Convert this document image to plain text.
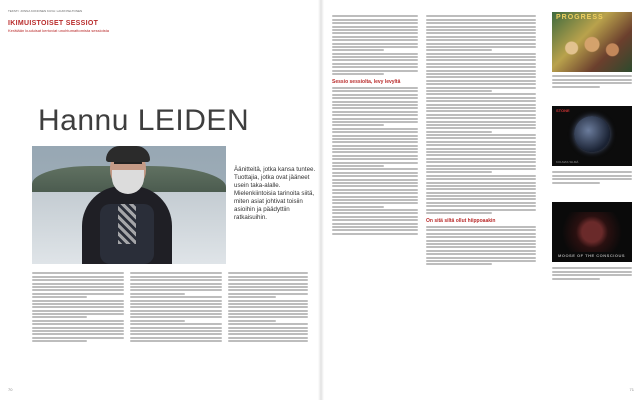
TEKSTI: JONNA KONONEN KUVA: LAURI PELTONEN
IKIMUISTOISET SESSIOT
Kerätään kuuluisat kertoviat unohtumattomista sessioista
Hannu LEIDEN
Äänitteitä, jotka kansa tuntee. Tuottajia, jotka ovat jääneet usein taka-alalle. Mielenkiintoisia tarinoita siitä, miten asiat johtivat toisiin asioihin ja päädyttiin ratkaisuihin.
70
Sessio sessiolta, levy levyltä
On sitä siltä ollut hiippoaakin
PROGRESS
STONE
KOLMAS SILMÄ
MOOSE OF THE CONSCIOUS
71
